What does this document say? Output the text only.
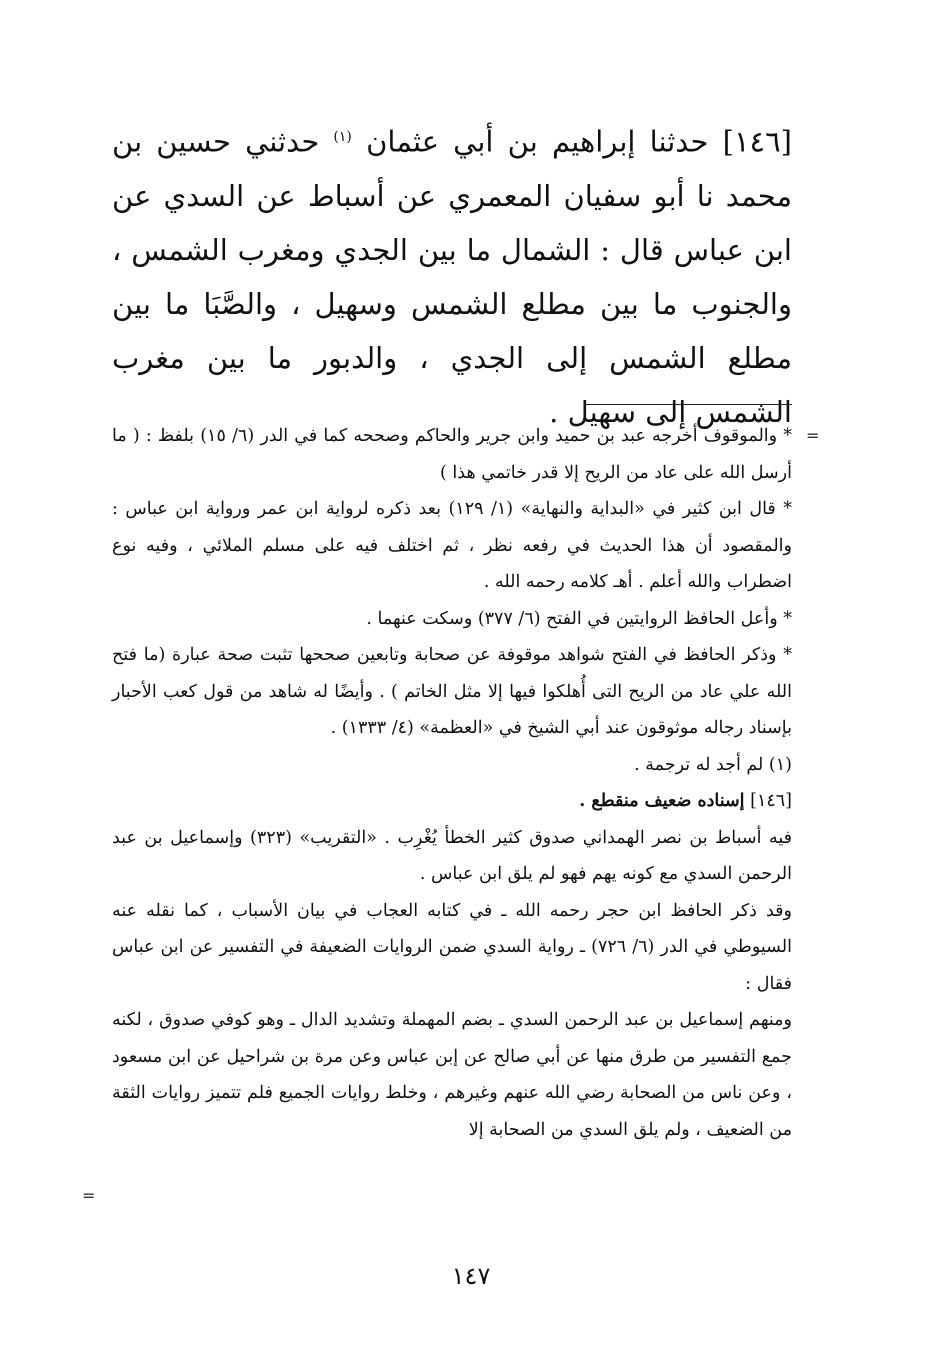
[١٤٦] حدثنا إبراهيم بن أبي عثمان $^{(١)}$ حدثني حسين بن محمد نا أبو سفيان المعمري عن أسباط عن السدي عن ابن عباس قال : الشمال ما بين الجدي ومغرب الشمس ، والجنوب ما بين مطلع الشمس وسهيل ، والصَّبَا ما بين مطلع الشمس إلى الجدي ، والدبور ما بين مغرب الشمس إلى سهيل .

=

* والموقوف أخرجه عبد بن حميد وابن جرير والحاكم وصححه كما في الدر (٦/ ١٥) بلفظ : ( ما أرسل الله على عاد من الريح إلا قدر خاتمي هذا )

* قال ابن كثير في «البداية والنهاية» (١/ ١٢٩) بعد ذكره لرواية ابن عمر ورواية ابن عباس : والمقصود أن هذا الحديث في رفعه نظر ، ثم اختلف فيه على مسلم الملائي ، وفيه نوع اضطراب والله أعلم . أهـ كلامه رحمه الله .

* وأعل الحافظ الروايتين في الفتح (٦/ ٣٧٧) وسكت عنهما .

* وذكر الحافظ في الفتح شواهد موقوفة عن صحابة وتابعين صححها تثبت صحة عبارة (ما فتح الله علي عاد من الريح التى أُهلكوا فيها إلا مثل الخاتم ) . وأيضًا له شاهد من قول كعب الأحبار بإسناد رجاله موثوقون عند أبي الشيخ في «العظمة» (٤/ ١٣٣٣) .

(١) لم أجد له ترجمة .

[١٤٦] إسناده ضعيف منقطع .

فيه أسباط بن نصر الهمداني صدوق كثير الخطأ يُغْرِب . «التقريب» (٣٢٣) وإسماعيل بن عبد الرحمن السدي مع كونه يهم فهو لم يلق ابن عباس .

وقد ذكر الحافظ ابن حجر رحمه الله ـ في كتابه العجاب في بيان الأسباب ، كما نقله عنه السيوطي في الدر (٦/ ٧٢٦) ـ رواية السدي ضمن الروايات الضعيفة في التفسير عن ابن عباس فقال :

ومنهم إسماعيل بن عبد الرحمن السدي ـ بضم المهملة وتشديد الدال ـ وهو كوفي صدوق ، لكنه جمع التفسير من طرق منها عن أبي صالح عن إبن عباس وعن مرة بن شراحيل عن ابن مسعود ، وعن ناس من الصحابة رضي الله عنهم وغيرهم ، وخلط روايات الجميع فلم تتميز روايات الثقة من الضعيف ، ولم يلق السدي من الصحابة إلا

=
١٤٧
